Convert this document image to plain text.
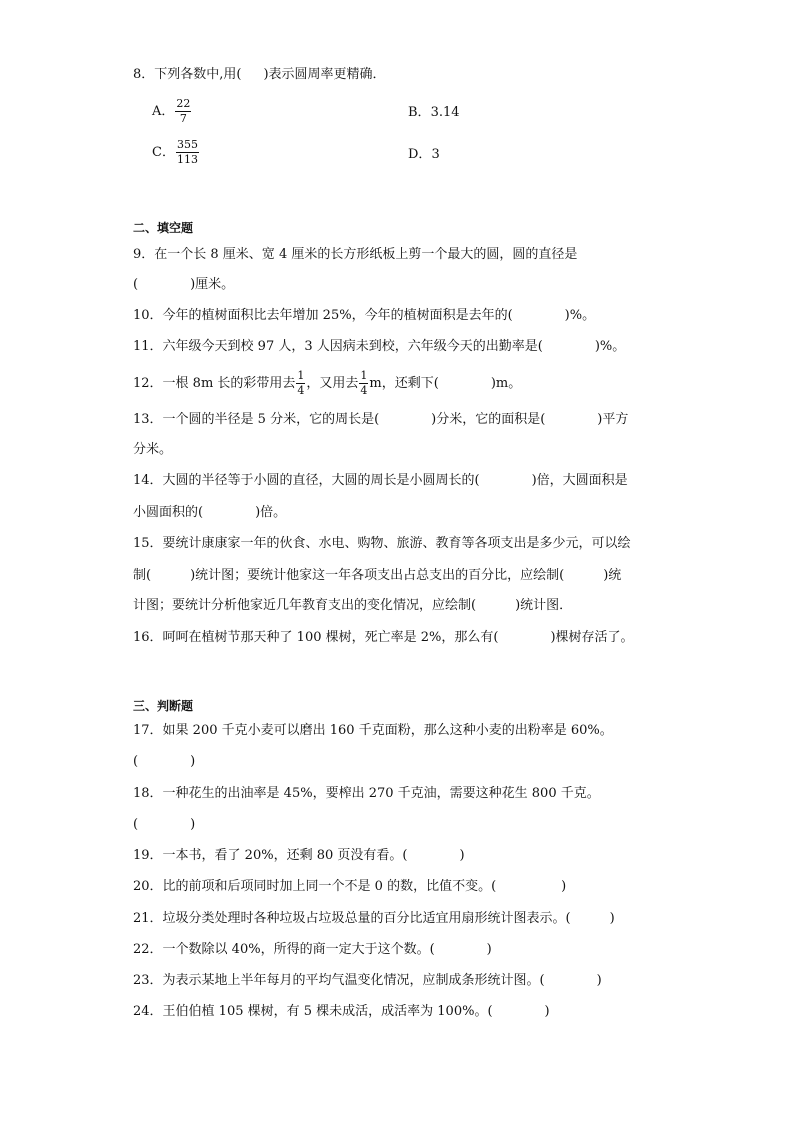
8．下列各数中,用( )表示圆周率更精确．
A． $\frac{22}{7}$	B．3.14
C． $\frac{355}{113}$	D．3
二、填空题
9．在一个长 8 厘米、宽 4 厘米的长方形纸板上剪一个最大的圆，圆的直径是
(　　　　)厘米。
10．今年的植树面积比去年增加 25%，今年的植树面积是去年的(　　　　)%。
11．六年级今天到校 97 人，3 人因病未到校，六年级今天的出勤率是(　　　　)%。
12．一根 8m 长的彩带用去 $\frac{1}{4}$ ，又用去 $\frac{1}{4}$ m，还剩下(　　　　)m。
13．一个圆的半径是 5 分米，它的周长是(　　　　)分米，它的面积是(　　　　)平方
分米。
14．大圆的半径等于小圆的直径，大圆的周长是小圆周长的(　　　　)倍，大圆面积是
小圆面积的(　　　　)倍。
15．要统计康康家一年的伙食、水电、购物、旅游、教育等各项支出是多少元，可以绘
制(　　　)统计图；要统计他家这一年各项支出占总支出的百分比，应绘制(　　　)统
计图；要统计分析他家近几年教育支出的变化情况，应绘制(　　　)统计图．
16．呵呵在植树节那天种了 100 棵树，死亡率是 2%，那么有(　　　　)棵树存活了。
三、判断题
17．如果 200 千克小麦可以磨出 160 千克面粉，那么这种小麦的出粉率是 60%。
(　　　　)
18．一种花生的出油率是 45%，要榨出 270 千克油，需要这种花生 800 千克。
(　　　　)
19．一本书，看了 20%，还剩 80 页没有看。(　　　　)
20．比的前项和后项同时加上同一个不是 0 的数，比值不变。(　　　　　)
21．垃圾分类处理时各种垃圾占垃圾总量的百分比适宜用扇形统计图表示。(　　　)
22．一个数除以 40%，所得的商一定大于这个数。(　　　　)
23．为表示某地上半年每月的平均气温变化情况，应制成条形统计图。(　　　　)
24．王伯伯植 105 棵树，有 5 棵未成活，成活率为 100%。(　　　　)
